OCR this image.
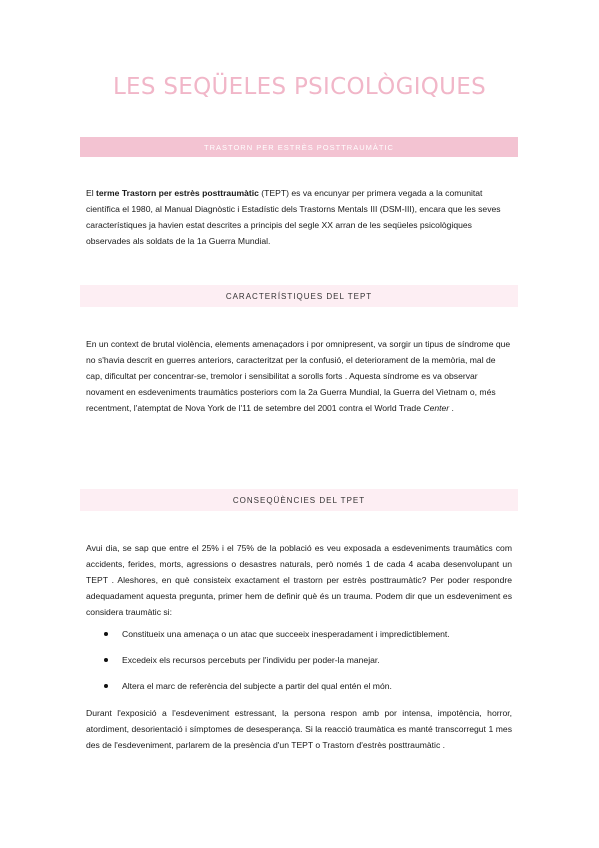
LES SEQÜELES PSICOLÒGIQUES
TRASTORN PER ESTRÈS POSTTRAUMÀTIC

El terme Trastorn per estrès posttraumàtic (TEPT) es va encunyar per primera vegada a la comunitat científica el 1980, al Manual Diagnòstic i Estadístic dels Trastorns Mentals III (DSM-III), encara que les seves característiques ja havien estat descrites a principis del segle XX arran de les seqüeles psicològiques observades als soldats de la 1a Guerra Mundial.

CARACTERÍSTIQUES DEL TEPT

En un context de brutal violència, elements amenaçadors i por omnipresent, va sorgir un tipus de síndrome que no s'havia descrit en guerres anteriors, caracteritzat per la confusió, el deteriorament de la memòria, mal de cap, dificultat per concentrar-se, tremolor i sensibilitat a sorolls forts . Aquesta síndrome es va observar novament en esdeveniments traumàtics posteriors com la 2a Guerra Mundial, la Guerra del Vietnam o, més recentment, l'atemptat de Nova York de l'11 de setembre del 2001 contra el World Trade Center .

CONSEQÜÈNCIES DEL TPET

Avui dia, se sap que entre el 25% i el 75% de la població es veu exposada a esdeveniments traumàtics com accidents, ferides, morts, agressions o desastres naturals, però només 1 de cada 4 acaba desenvolupant un TEPT . Aleshores, en què consisteix exactament el trastorn per estrès posttraumàtic? Per poder respondre adequadament aquesta pregunta, primer hem de definir què és un trauma. Podem dir que un esdeveniment es considera traumàtic si:

Constitueix una amenaça o un atac que succeeix inesperadament i impredictiblement.
Excedeix els recursos percebuts per l'individu per poder-la manejar.
Altera el marc de referència del subjecte a partir del qual entén el món.

Durant l'exposició a l'esdeveniment estressant, la persona respon amb por intensa, impotència, horror, atordiment, desorientació i símptomes de desesperança. Si la reacció traumàtica es manté transcorregut 1 mes des de l'esdeveniment, parlarem de la presència d'un TEPT o Trastorn d'estrès posttraumàtic .
